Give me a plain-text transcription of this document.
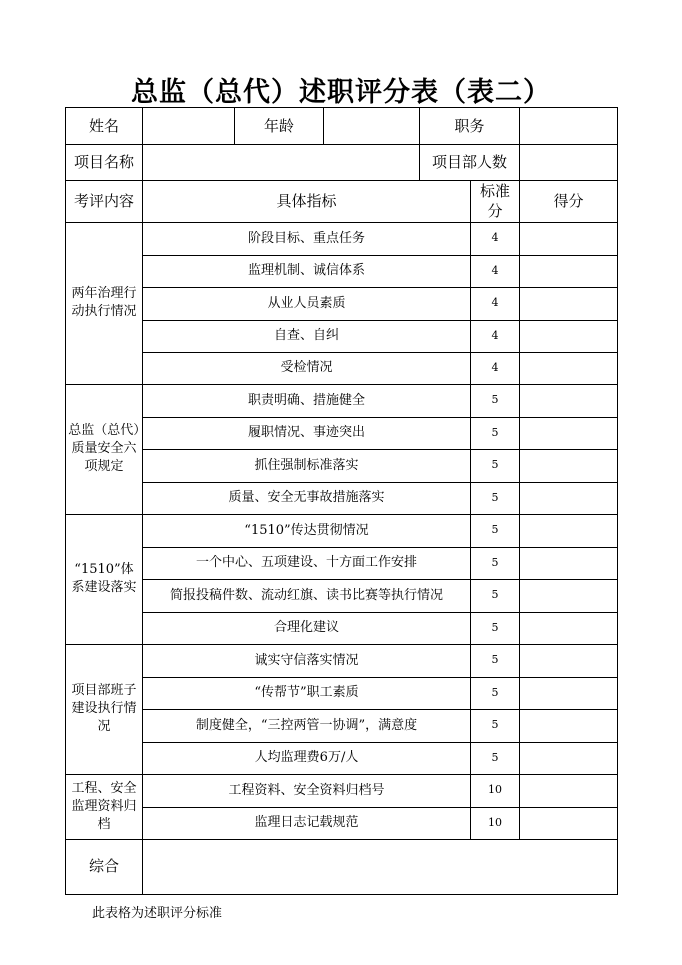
总监（总代）述职评分表（表二）
姓名		年龄		职务		
项目名称				项目部人数		
考评内容	具体指标				标准分	得分
两年治理行动执行情况	阶段目标、重点任务				4	
	监理机制、诚信体系				4	
	从业人员素质				4	
	自查、自纠				4	
	受检情况				4	
总监（总代）质量安全六项规定	职责明确、措施健全				5	
	履职情况、事迹突出				5	
	抓住强制标准落实				5	
	质量、安全无事故措施落实				5	
“1510”体系建设落实	“1510”传达贯彻情况				5	
	一个中心、五项建设、十方面工作安排				5	
	简报投稿件数、流动红旗、读书比赛等执行情况				5	
	合理化建议				5	
项目部班子建设执行情况	诚实守信落实情况				5	
	“传帮节”职工素质				5	
	制度健全，“三控两管一协调”，满意度				5	
	人均监理费6万/人				5	
工程、安全监理资料归档	工程资料、安全资料归档号				10	
	监理日志记载规范				10	
综合						
此表格为述职评分标准
